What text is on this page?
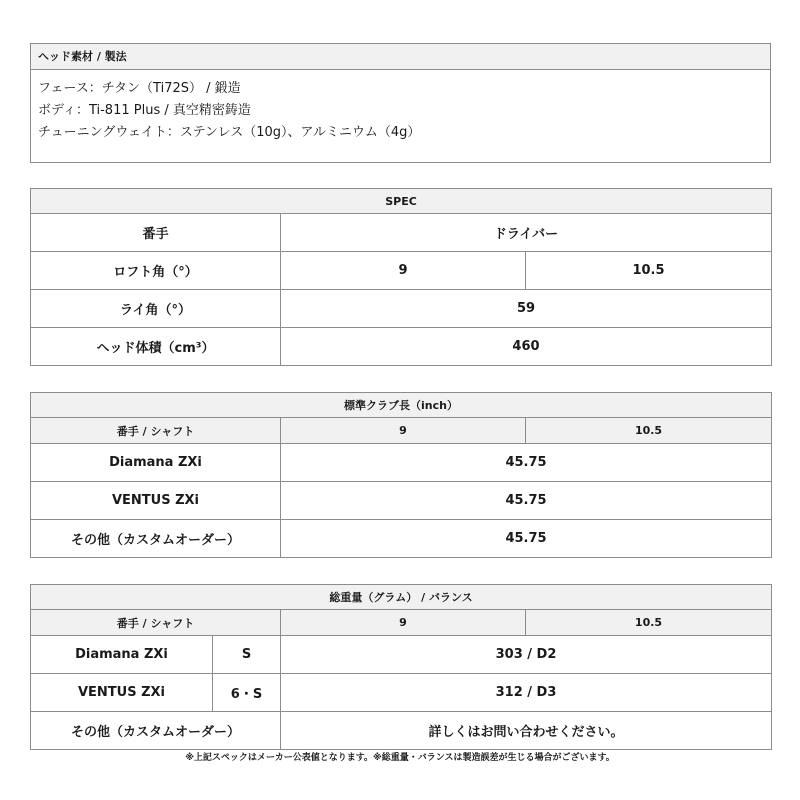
ヘッド素材 / 製法
フェース：チタン（Ti72S） / 鍛造
ボディ：Ti-811 Plus / 真空精密鋳造
チューニングウェイト：ステンレス（10g）、アルミニウム（4g）
SPEC		
番手	ドライバー	
ロフト角（°）	9	10.5
ライ角（°）	59	
ヘッド体積（cm³）	460	
標準クラブ長（inch）		
番手 / シャフト	9	10.5
Diamana ZXi	45.75	
VENTUS ZXi	45.75	
その他（カスタムオーダー）	45.75	
総重量（グラム） / バランス			
番手 / シャフト		9	10.5
Diamana ZXi	S	303 / D2	
VENTUS ZXi	6・S	312 / D3	
その他（カスタムオーダー）		詳しくはお問い合わせください。	
※上記スペックはメーカー公表値となります。※総重量・バランスは製造誤差が生じる場合がございます。
